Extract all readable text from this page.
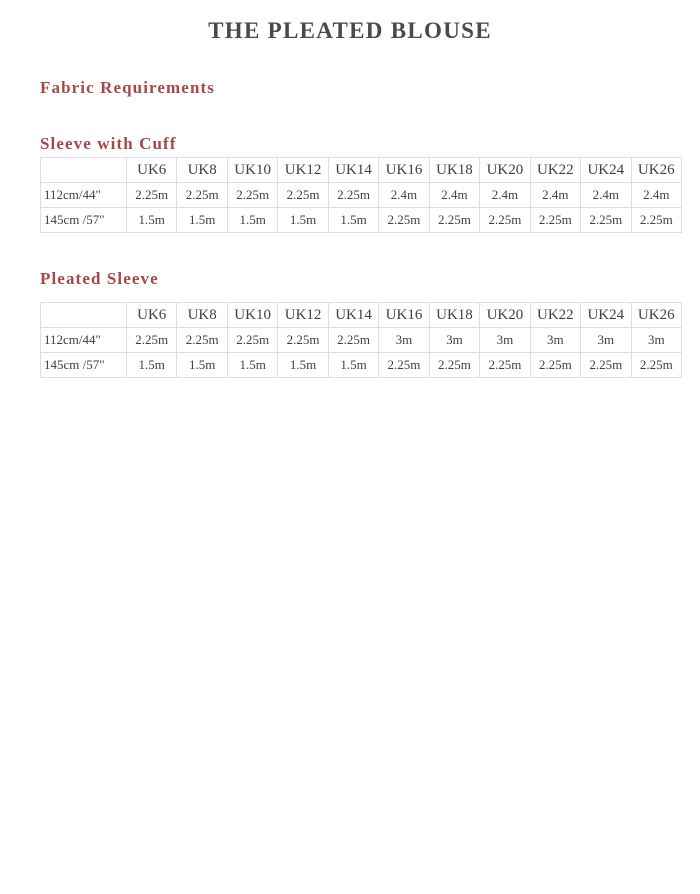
THE PLEATED BLOUSE
Fabric Requirements
Sleeve with Cuff
	UK6	UK8	UK10	UK12	UK14	UK16	UK18	UK20	UK22	UK24	UK26
112cm/44"	2.25m	2.25m	2.25m	2.25m	2.25m	2.4m	2.4m	2.4m	2.4m	2.4m	2.4m
145cm /57"	1.5m	1.5m	1.5m	1.5m	1.5m	2.25m	2.25m	2.25m	2.25m	2.25m	2.25m
Pleated Sleeve
	UK6	UK8	UK10	UK12	UK14	UK16	UK18	UK20	UK22	UK24	UK26
112cm/44"	2.25m	2.25m	2.25m	2.25m	2.25m	3m	3m	3m	3m	3m	3m
145cm /57"	1.5m	1.5m	1.5m	1.5m	1.5m	2.25m	2.25m	2.25m	2.25m	2.25m	2.25m
